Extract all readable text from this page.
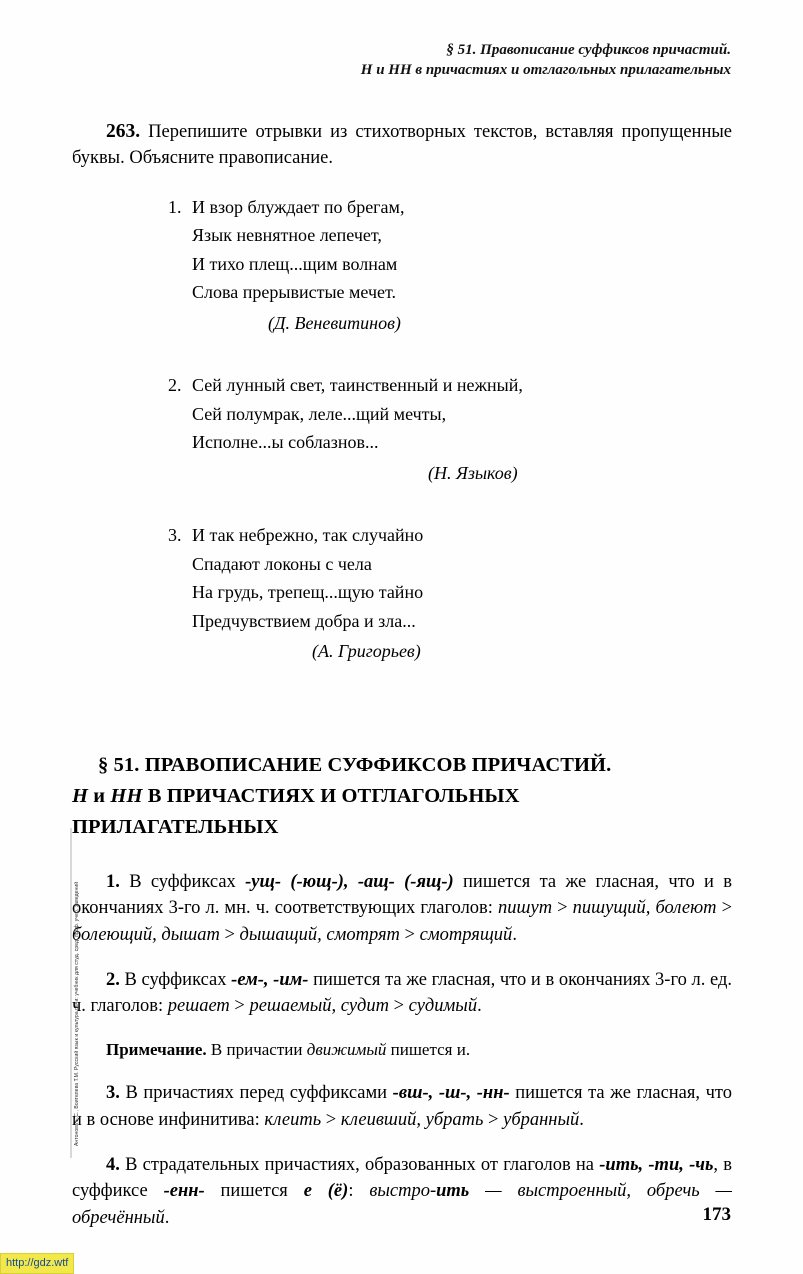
§ 51. Правописание суффиксов причастий.
Н и НН в причастиях и отглагольных прилагательных

263. Перепишите отрывки из стихотворных текстов, вставляя пропущенные буквы. Объясните правописание.

1. И взор блуждает по брегам,
Язык невнятное лепечет,
И тихо плещ...щим волнам
Слова прерывистые мечет.
(Д. Веневитинов)
2. Сей лунный свет, таинственный и нежный,
Сей полумрак, леле...щий мечты,
Исполне...ы соблазнов...
(Н. Языков)
3. И так небрежно, так случайно
Спадают локоны с чела
На грудь, трепещ...щую тайно
Предчувствием добра и зла...
(А. Григорьев)
§ 51. ПРАВОПИСАНИЕ СУФФИКСОВ ПРИЧАСТИЙ.
Н и НН В ПРИЧАСТИЯХ И ОТГЛАГОЛЬНЫХ
ПРИЛАГАТЕЛЬНЫХ

1. В суффиксах -ущ- (-ющ-), -ащ- (-ящ-) пишется та же гласная, что и в окончаниях 3-го л. мн. ч. соответствующих глаголов: пишут > пишущий, болеют > болеющий, дышат > дышащий, смотрят > смотрящий.

2. В суффиксах -ем-, -им- пишется та же гласная, что и в окончаниях 3-го л. ед. ч. глаголов: решает > решаемый, судит > судимый.

Примечание. В причастии движимый пишется и.

3. В причастиях перед суффиксами -вш-, -ш-, -нн- пишется та же гласная, что и в основе инфинитива: клеить > клеивший, убрать > убранный.

4. В страдательных причастиях, образованных от глаголов на -ить, -ти, -чь, в суффиксе -енн- пишется е (ё): выстро-ить — выстроенный, обречь — обречённый.

Антонова Е.С., Воителева Т.М. Русский язык и культура речи: учебник для студ. сред. проф. учеб. заведений
173
http://gdz.wtf
